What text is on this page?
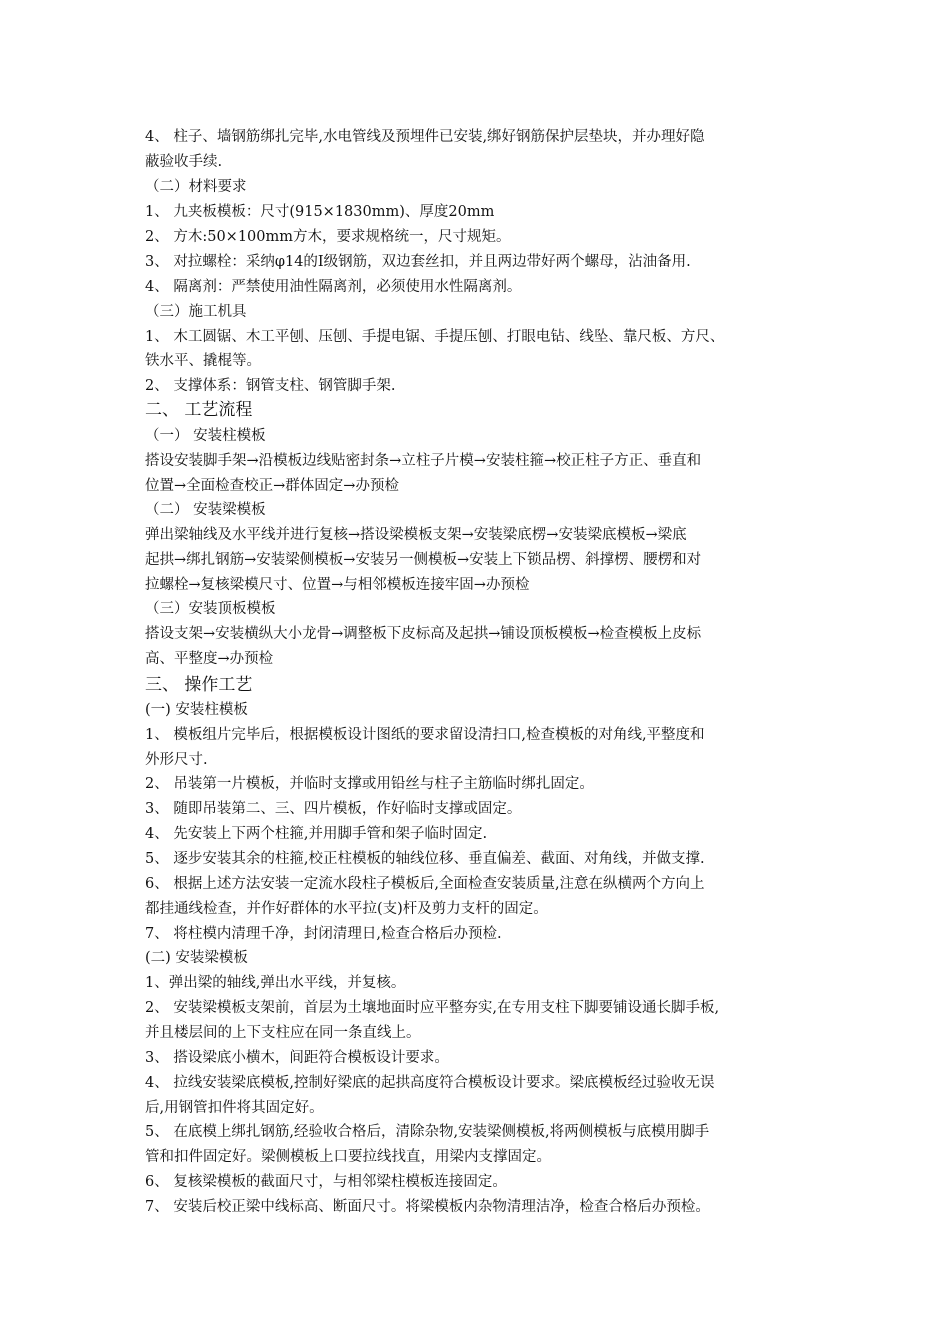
4、 柱子、墙钢筋绑扎完毕,水电管线及预埋件已安装,绑好钢筋保护层垫块，并办理好隐
蔽验收手续.
（二）材料要求
1、 九夹板模板：尺寸(915×1830mm)、厚度20mm
2、 方木:50×100mm方木，要求规格统一，尺寸规矩。
3、 对拉螺栓：采纳φ14的Ⅰ级钢筋，双边套丝扣，并且两边带好两个螺母，沾油备用.
4、 隔离剂：严禁使用油性隔离剂，必须使用水性隔离剂。
（三）施工机具
1、 木工圆锯、木工平刨、压刨、手提电锯、手提压刨、打眼电钻、线坠、靠尺板、方尺、
铁水平、撬棍等。
2、 支撑体系：钢管支柱、钢管脚手架.
二、 工艺流程
（一） 安装柱模板
搭设安装脚手架→沿模板边线贴密封条→立柱子片模→安装柱箍→校正柱子方正、垂直和
位置→全面检查校正→群体固定→办预检
（二） 安装梁模板
弹出梁轴线及水平线并进行复核→搭设梁模板支架→安装梁底楞→安装梁底模板→梁底
起拱→绑扎钢筋→安装梁侧模板→安装另一侧模板→安装上下锁品楞、斜撑楞、腰楞和对
拉螺栓→复核梁模尺寸、位置→与相邻模板连接牢固→办预检
（三）安装顶板模板
搭设支架→安装横纵大小龙骨→调整板下皮标高及起拱→铺设顶板模板→检查模板上皮标
高、平整度→办预检
三、 操作工艺
(一) 安装柱模板
1、 模板组片完毕后，根据模板设计图纸的要求留设清扫口,检查模板的对角线,平整度和
外形尺寸.
2、 吊装第一片模板，并临时支撑或用铅丝与柱子主筋临时绑扎固定。
3、 随即吊装第二、三、四片模板，作好临时支撑或固定。
4、 先安装上下两个柱箍,并用脚手管和架子临时固定.
5、 逐步安装其余的柱箍,校正柱模板的轴线位移、垂直偏差、截面、对角线，并做支撑.
6、 根据上述方法安装一定流水段柱子模板后,全面检查安装质量,注意在纵横两个方向上
都挂通线检查，并作好群体的水平拉(支)杆及剪力支杆的固定。
7、 将柱模内清理千净，封闭清理日,检查合格后办预检.
(二) 安装梁模板
1、弹出梁的轴线,弹出水平线，并复核。
2、 安装梁模板支架前，首层为土壤地面时应平整夯实,在专用支柱下脚要铺设通长脚手板,
并且楼层间的上下支柱应在同一条直线上。
3、 搭设梁底小横木，间距符合模板设计要求。
4、 拉线安装梁底模板,控制好梁底的起拱高度符合模板设计要求。梁底模板经过验收无误
后,用钢管扣件将其固定好。
5、 在底模上绑扎钢筋,经验收合格后，清除杂物,安装梁侧模板,将两侧模板与底模用脚手
管和扣件固定好。梁侧模板上口要拉线找直，用梁内支撑固定。
6、 复核梁模板的截面尺寸，与相邻梁柱模板连接固定。
7、 安装后校正梁中线标高、断面尺寸。将梁模板内杂物清理洁净，检查合格后办预检。
